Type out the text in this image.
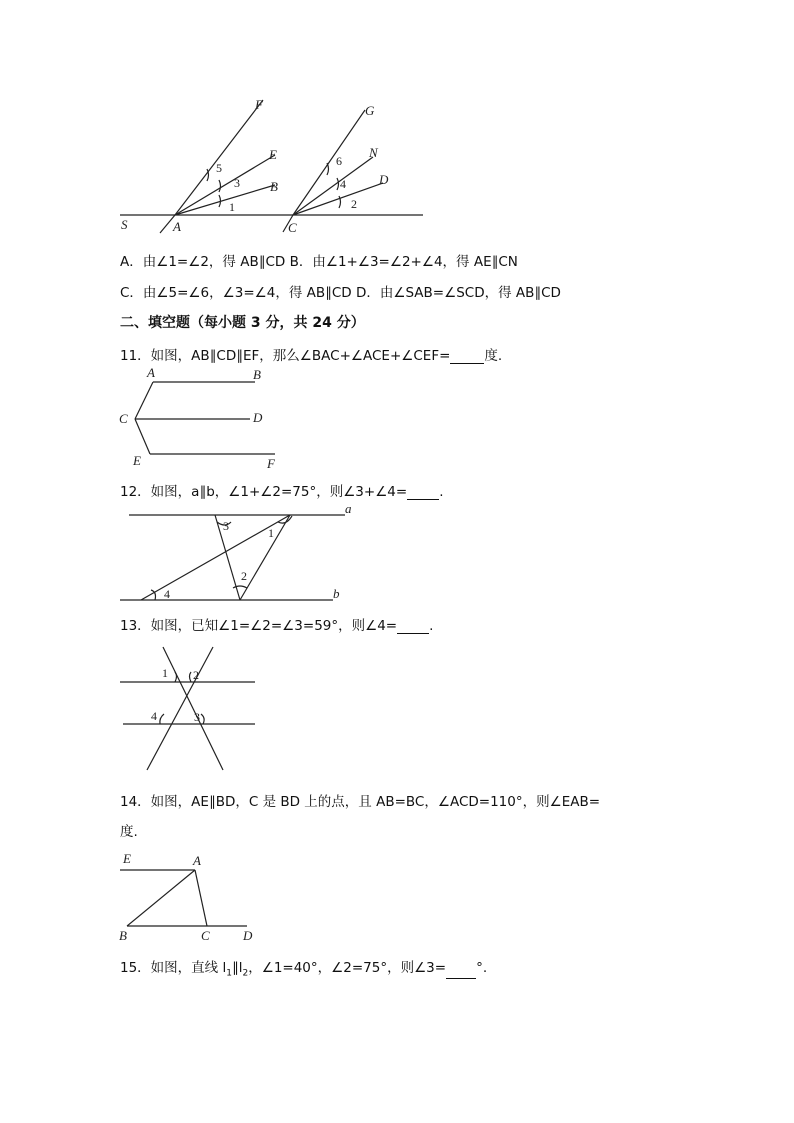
F
E
B
A
S
5
3
1
G
N
D
C
6
4
2
A．由∠1=∠2，得 AB∥CD B．由∠1+∠3=∠2+∠4，得 AE∥CN
C．由∠5=∠6，∠3=∠4，得 AB∥CD D．由∠SAB=∠SCD，得 AB∥CD
二、填空题（每小题 3 分，共 24 分）
11．如图，AB∥CD∥EF，那么∠BAC+∠ACE+∠CEF=	度.
A	B
C	D
E	F
12．如图，a∥b，∠1+∠2=75°，则∠3+∠4= .
3	1
2
4
a
b
13．如图，已知∠1=∠2=∠3=59°，则∠4= .
1 2
3
4
14．如图，AE∥BD，C 是 BD 上的点，且 AB=BC，∠ACD=110°，则∠EAB=
度.
E	A
B	C	D
15．如图，直线 $l_1\parallel l_2$，∠1=40°，∠2=75°，则∠3= °.
